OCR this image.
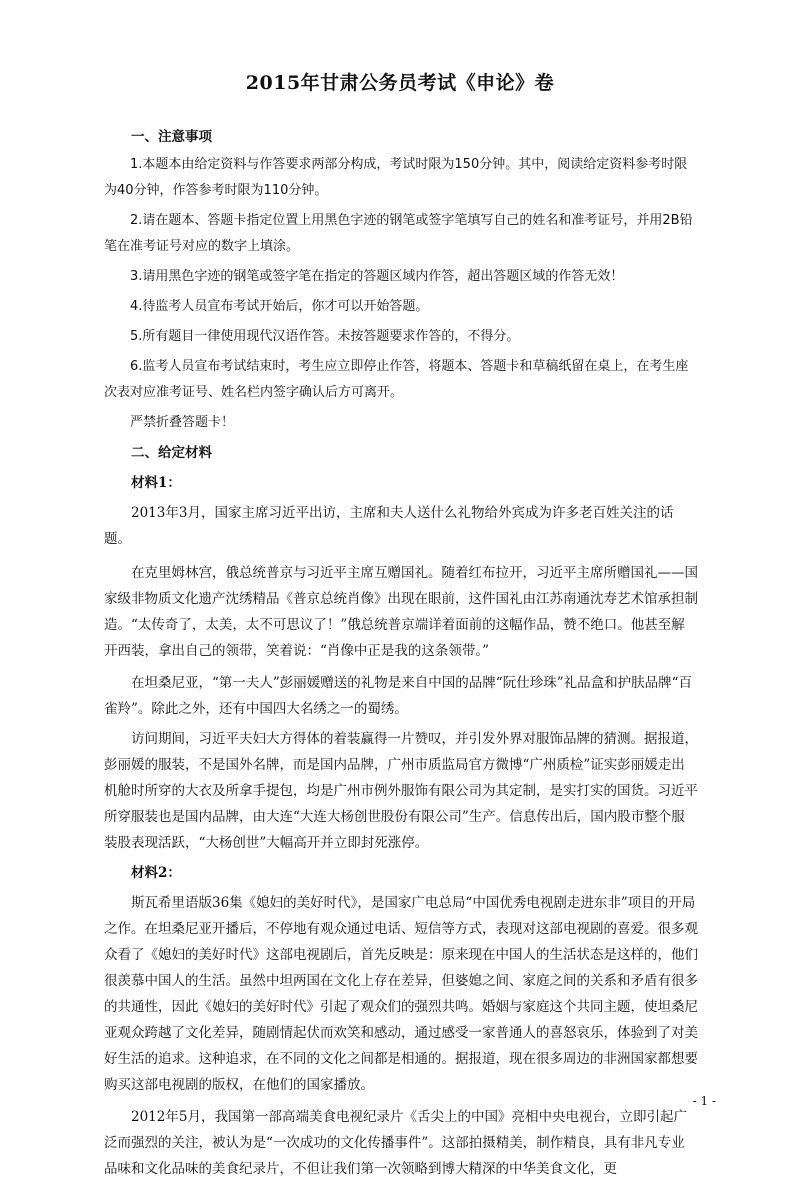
2015年甘肃公务员考试《申论》卷

一、注意事项

1.本题本由给定资料与作答要求两部分构成，考试时限为150分钟。其中，阅读给定资料参考时限为40分钟，作答参考时限为110分钟。

2.请在题本、答题卡指定位置上用黑色字迹的钢笔或签字笔填写自己的姓名和准考证号，并用2B铅笔在准考证号对应的数字上填涂。

3.请用黑色字迹的钢笔或签字笔在指定的答题区域内作答，超出答题区域的作答无效！

4.待监考人员宣布考试开始后，你才可以开始答题。

5.所有题目一律使用现代汉语作答。未按答题要求作答的，不得分。

6.监考人员宣布考试结束时，考生应立即停止作答，将题本、答题卡和草稿纸留在桌上，在考生座次表对应准考证号、姓名栏内签字确认后方可离开。

严禁折叠答题卡！

二、给定材料

材料1：

2013年3月，国家主席习近平出访，主席和夫人送什么礼物给外宾成为许多老百姓关注的话题。

在克里姆林宫，俄总统普京与习近平主席互赠国礼。随着红布拉开，习近平主席所赠国礼——国家级非物质文化遗产沈绣精品《普京总统肖像》出现在眼前，这件国礼由江苏南通沈寿艺术馆承担制造。“太传奇了，太美，太不可思议了！”俄总统普京端详着面前的这幅作品，赞不绝口。他甚至解开西装，拿出自己的领带，笑着说：“肖像中正是我的这条领带。”

在坦桑尼亚，“第一夫人”彭丽媛赠送的礼物是来自中国的品牌“阮仕珍珠”礼品盒和护肤品牌“百雀羚”。除此之外，还有中国四大名绣之一的蜀绣。

访问期间，习近平夫妇大方得体的着装赢得一片赞叹，并引发外界对服饰品牌的猜测。据报道，彭丽媛的服装，不是国外名牌，而是国内品牌，广州市质监局官方微博“广州质检”证实彭丽媛走出机舱时所穿的大衣及所拿手提包，均是广州市例外服饰有限公司为其定制，是实打实的国货。习近平所穿服装也是国内品牌，由大连“大连大杨创世股份有限公司”生产。信息传出后，国内股市整个服装股表现活跃，“大杨创世”大幅高开并立即封死涨停。

材料2：

斯瓦希里语版36集《媳妇的美好时代》，是国家广电总局“中国优秀电视剧走进东非”项目的开局之作。在坦桑尼亚开播后，不停地有观众通过电话、短信等方式，表现对这部电视剧的喜爱。很多观众看了《媳妇的美好时代》这部电视剧后，首先反映是：原来现在中国人的生活状态是这样的，他们很羡慕中国人的生活。虽然中坦两国在文化上存在差异，但婆媳之间、家庭之间的关系和矛盾有很多的共通性，因此《媳妇的美好时代》引起了观众们的强烈共鸣。婚姻与家庭这个共同主题，使坦桑尼亚观众跨越了文化差异，随剧情起伏而欢笑和感动，通过感受一家普通人的喜怒哀乐，体验到了对美好生活的追求。这种追求，在不同的文化之间都是相通的。据报道，现在很多周边的非洲国家都想要购买这部电视剧的版权，在他们的国家播放。

2012年5月，我国第一部高端美食电视纪录片《舌尖上的中国》亮相中央电视台，立即引起广泛而强烈的关注，被认为是“一次成功的文化传播事件”。这部拍摄精美，制作精良，具有非凡专业品味和文化品味的美食纪录片，不但让我们第一次领略到博大精深的中华美食文化，更

- 1 -
